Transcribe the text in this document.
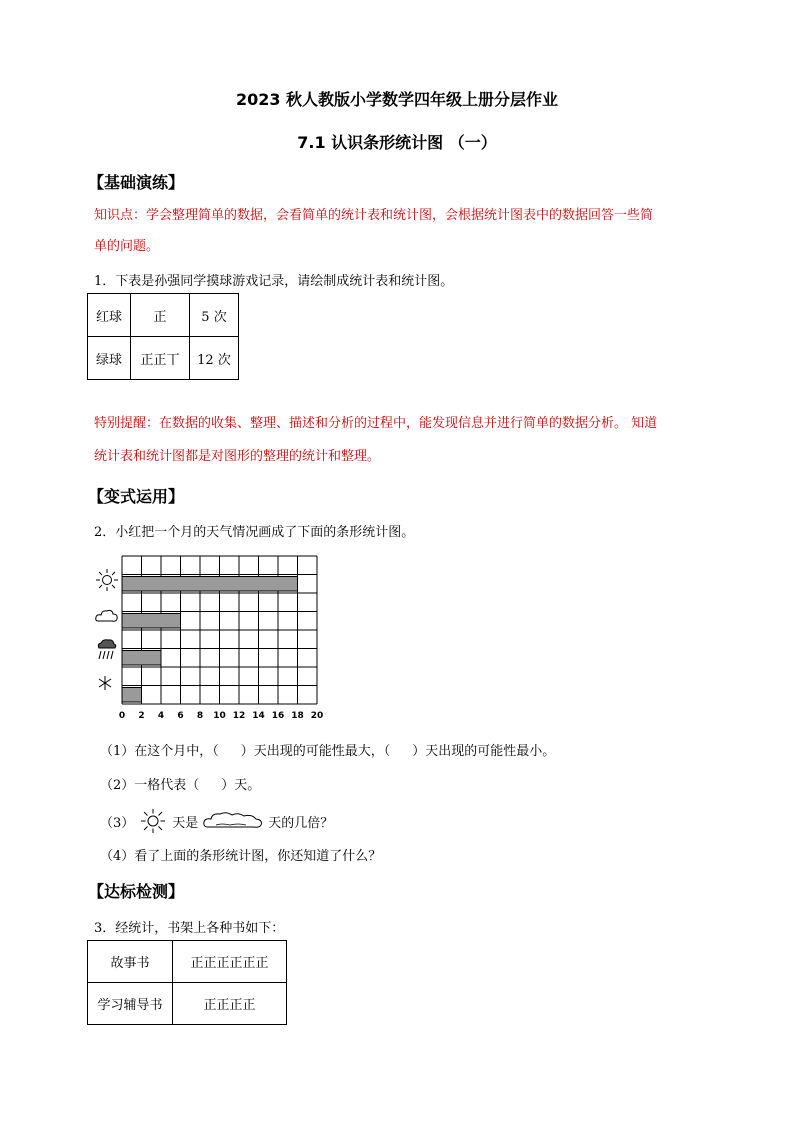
2023 秋人教版小学数学四年级上册分层作业
7.1 认识条形统计图 （一）
【基础演练】
知识点：学会整理简单的数据，会看简单的统计表和统计图，会根据统计图表中的数据回答一些简
单的问题。
1．下表是孙强同学摸球游戏记录，请绘制成统计表和统计图。
红球	正	5 次
绿球	正正丅	12 次
特别提醒：在数据的收集、整理、描述和分析的过程中，能发现信息并进行简单的数据分析。 知道
统计表和统计图都是对图形的整理的统计和整理。
【变式运用】
2．小红把一个月的天气情况画成了下面的条形统计图。
0 2 4 6 8 10 12 14 16 18 20
（1）在这个月中，（ ）天出现的可能性最大，（ ）天出现的可能性最小。
（2）一格代表（ ）天。
（3）	天是	天的几倍？
（4）看了上面的条形统计图，你还知道了什么？
【达标检测】
3．经统计，书架上各种书如下：
故事书	正正正正正正
学习辅导书	正正正正
